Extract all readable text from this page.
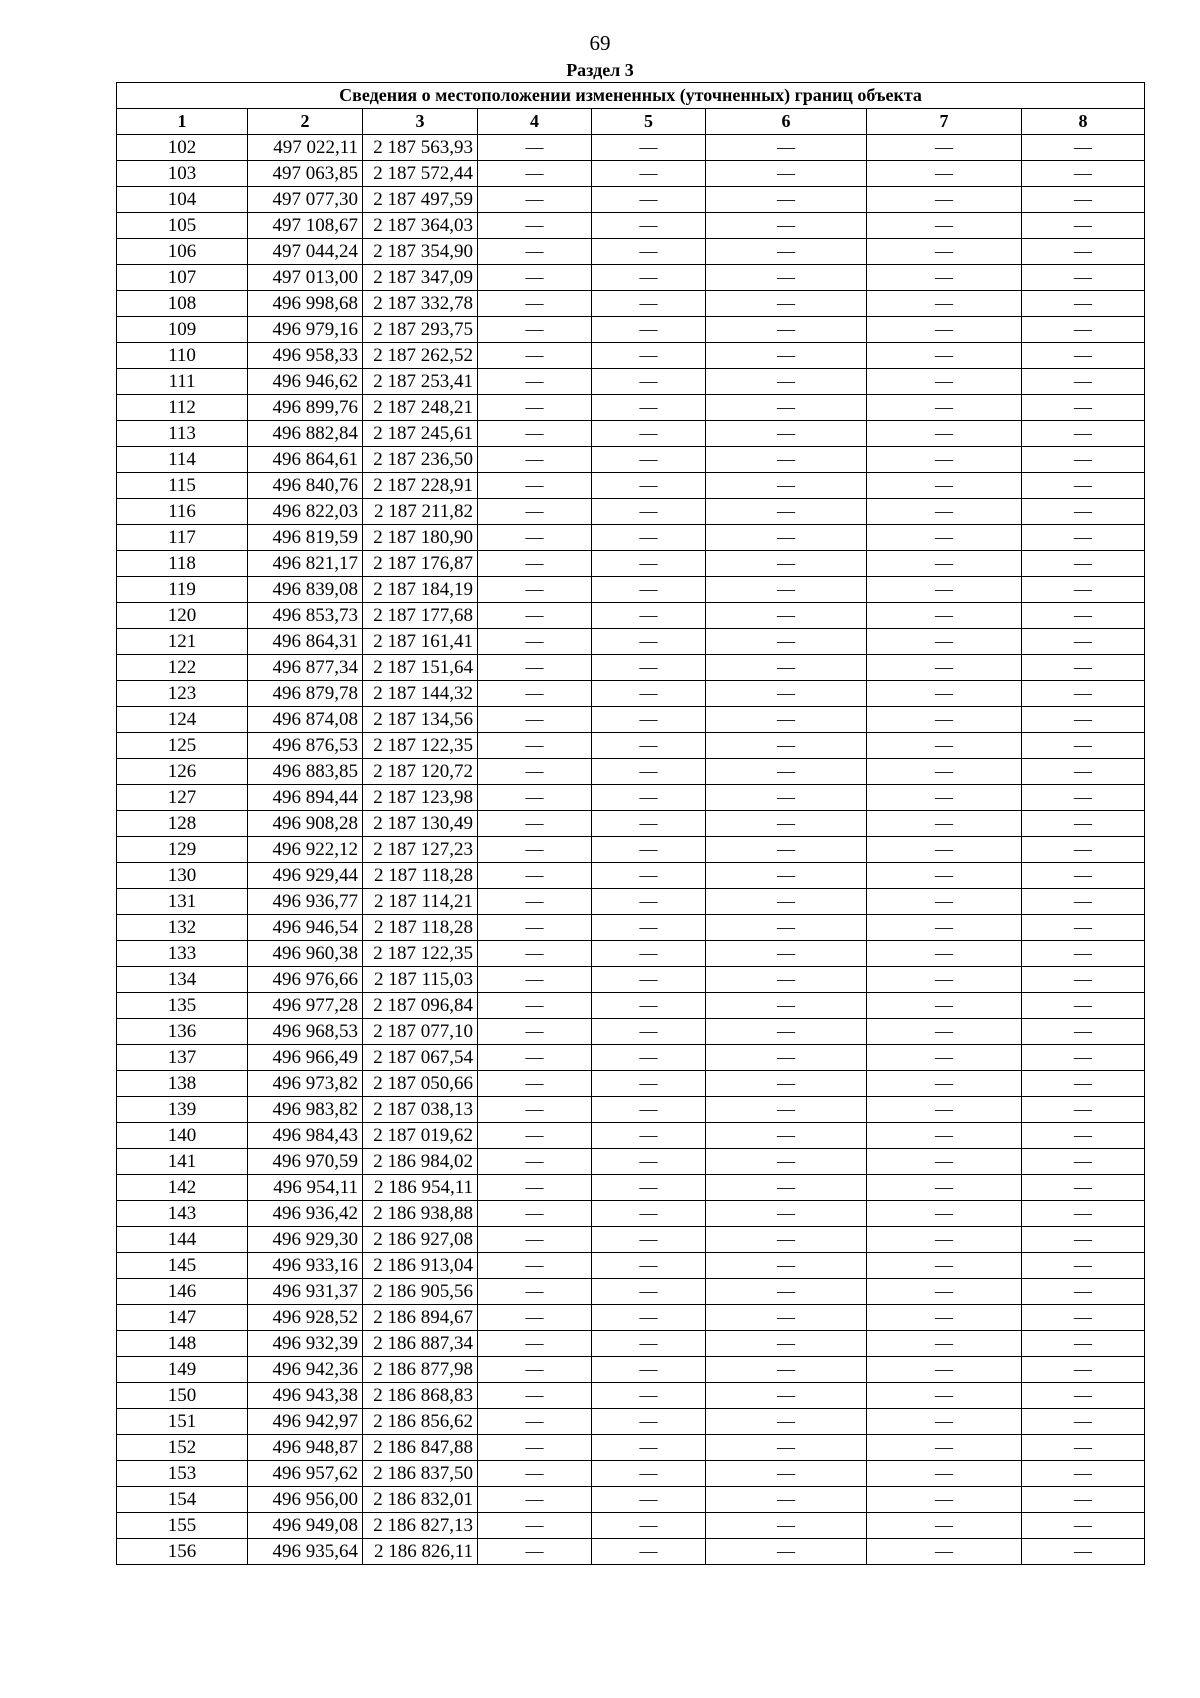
69
Раздел 3
Сведения о местоположении измененных (уточненных) границ объекта							
1	2	3	4	5	6	7	8
102	497 022,11	2 187 563,93	—	—	—	—	—
103	497 063,85	2 187 572,44	—	—	—	—	—
104	497 077,30	2 187 497,59	—	—	—	—	—
105	497 108,67	2 187 364,03	—	—	—	—	—
106	497 044,24	2 187 354,90	—	—	—	—	—
107	497 013,00	2 187 347,09	—	—	—	—	—
108	496 998,68	2 187 332,78	—	—	—	—	—
109	496 979,16	2 187 293,75	—	—	—	—	—
110	496 958,33	2 187 262,52	—	—	—	—	—
111	496 946,62	2 187 253,41	—	—	—	—	—
112	496 899,76	2 187 248,21	—	—	—	—	—
113	496 882,84	2 187 245,61	—	—	—	—	—
114	496 864,61	2 187 236,50	—	—	—	—	—
115	496 840,76	2 187 228,91	—	—	—	—	—
116	496 822,03	2 187 211,82	—	—	—	—	—
117	496 819,59	2 187 180,90	—	—	—	—	—
118	496 821,17	2 187 176,87	—	—	—	—	—
119	496 839,08	2 187 184,19	—	—	—	—	—
120	496 853,73	2 187 177,68	—	—	—	—	—
121	496 864,31	2 187 161,41	—	—	—	—	—
122	496 877,34	2 187 151,64	—	—	—	—	—
123	496 879,78	2 187 144,32	—	—	—	—	—
124	496 874,08	2 187 134,56	—	—	—	—	—
125	496 876,53	2 187 122,35	—	—	—	—	—
126	496 883,85	2 187 120,72	—	—	—	—	—
127	496 894,44	2 187 123,98	—	—	—	—	—
128	496 908,28	2 187 130,49	—	—	—	—	—
129	496 922,12	2 187 127,23	—	—	—	—	—
130	496 929,44	2 187 118,28	—	—	—	—	—
131	496 936,77	2 187 114,21	—	—	—	—	—
132	496 946,54	2 187 118,28	—	—	—	—	—
133	496 960,38	2 187 122,35	—	—	—	—	—
134	496 976,66	2 187 115,03	—	—	—	—	—
135	496 977,28	2 187 096,84	—	—	—	—	—
136	496 968,53	2 187 077,10	—	—	—	—	—
137	496 966,49	2 187 067,54	—	—	—	—	—
138	496 973,82	2 187 050,66	—	—	—	—	—
139	496 983,82	2 187 038,13	—	—	—	—	—
140	496 984,43	2 187 019,62	—	—	—	—	—
141	496 970,59	2 186 984,02	—	—	—	—	—
142	496 954,11	2 186 954,11	—	—	—	—	—
143	496 936,42	2 186 938,88	—	—	—	—	—
144	496 929,30	2 186 927,08	—	—	—	—	—
145	496 933,16	2 186 913,04	—	—	—	—	—
146	496 931,37	2 186 905,56	—	—	—	—	—
147	496 928,52	2 186 894,67	—	—	—	—	—
148	496 932,39	2 186 887,34	—	—	—	—	—
149	496 942,36	2 186 877,98	—	—	—	—	—
150	496 943,38	2 186 868,83	—	—	—	—	—
151	496 942,97	2 186 856,62	—	—	—	—	—
152	496 948,87	2 186 847,88	—	—	—	—	—
153	496 957,62	2 186 837,50	—	—	—	—	—
154	496 956,00	2 186 832,01	—	—	—	—	—
155	496 949,08	2 186 827,13	—	—	—	—	—
156	496 935,64	2 186 826,11	—	—	—	—	—
